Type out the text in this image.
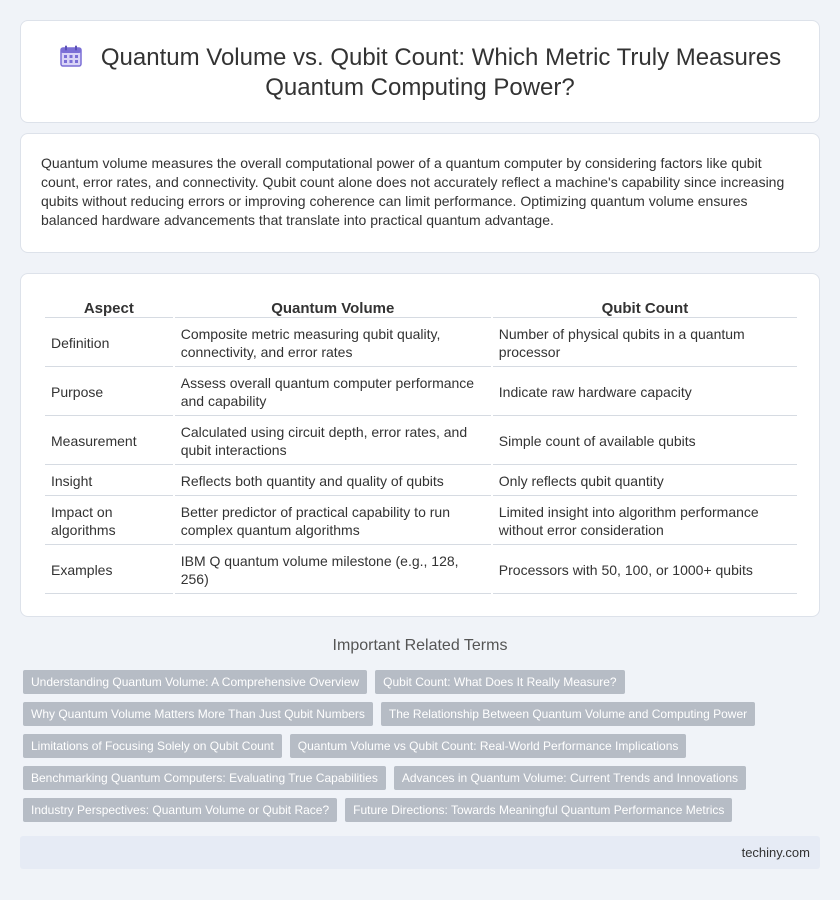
Quantum Volume vs. Qubit Count: Which Metric Truly Measures
Quantum Computing Power?

Quantum volume measures the overall computational power of a quantum computer by considering factors like qubit count, error rates, and connectivity. Qubit count alone does not accurately reflect a machine's capability since increasing qubits without reducing errors or improving coherence can limit performance. Optimizing quantum volume ensures balanced hardware advancements that translate into practical quantum advantage.

Aspect	Quantum Volume	Qubit Count
Definition	Composite metric measuring qubit quality, connectivity, and error rates	Number of physical qubits in a quantum processor
Purpose	Assess overall quantum computer performance and capability	Indicate raw hardware capacity
Measurement	Calculated using circuit depth, error rates, and qubit interactions	Simple count of available qubits
Insight	Reflects both quantity and quality of qubits	Only reflects qubit quantity
Impact on algorithms	Better predictor of practical capability to run complex quantum algorithms	Limited insight into algorithm performance without error consideration
Examples	IBM Q quantum volume milestone (e.g., 128, 256)	Processors with 50, 100, or 1000+ qubits
Important Related Terms
Understanding Quantum Volume: A Comprehensive Overview	Qubit Count: What Does It Really Measure?
Why Quantum Volume Matters More Than Just Qubit Numbers	The Relationship Between Quantum Volume and Computing Power
Limitations of Focusing Solely on Qubit Count	Quantum Volume vs Qubit Count: Real-World Performance Implications
Benchmarking Quantum Computers: Evaluating True Capabilities	Advances in Quantum Volume: Current Trends and Innovations
Industry Perspectives: Quantum Volume or Qubit Race?	Future Directions: Towards Meaningful Quantum Performance Metrics
techiny.com
